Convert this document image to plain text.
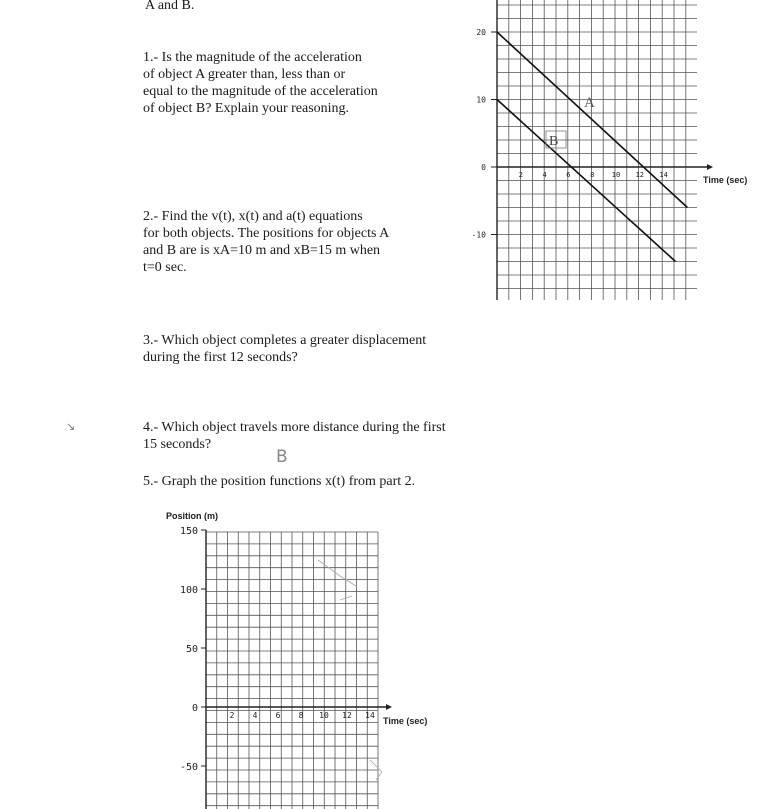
A and B.
1.- Is the magnitude of the acceleration
of object A greater than, less than or
equal to the magnitude of the acceleration
of object B? Explain your reasoning.
2.- Find the v(t), x(t) and a(t) equations
for both objects. The positions for objects A
and B are is xA=10 m and xB=15 m when
t=0 sec.
3.- Which object completes a greater displacement
during the first 12 seconds?
4.- Which object travels more distance during the first
15 seconds?
B
5.- Graph the position functions x(t) from part 2.
20
10
0
-10
2	4	6	8 10 12 14	Time (sec)
A
B
Position (m)
150
100
50
0
-50
2 4 6 8 10 12 14
Time (sec)
↘
